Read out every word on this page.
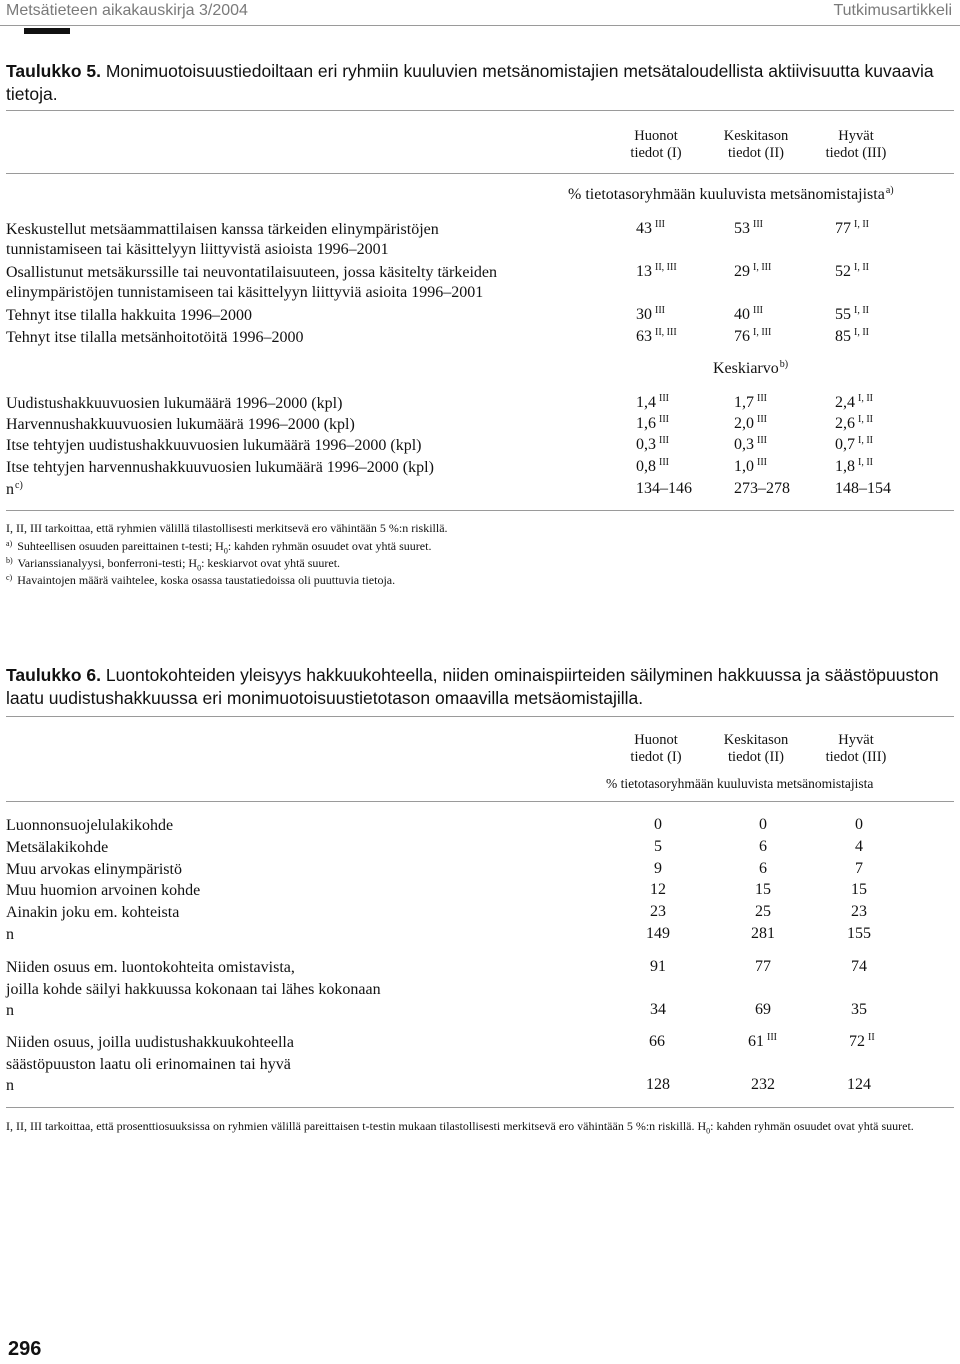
Metsätieteen aikakauskirja 3/2004	Tutkimusartikkeli
Taulukko 5. Monimuotoisuustiedoiltaan eri ryhmiin kuuluvien metsänomistajien metsätaloudellista aktiivisuutta kuvaavia tietoja.
Huonot
tiedot (I)
Keskitason
tiedot (II)
Hyvät
tiedot (III)
% tietotasoryhmään kuuluvista metsänomistajista$^{a)}$
Keskustellut metsäammattilaisen kanssa tärkeiden elinympäristöjen
tunnistamiseen tai käsittelyyn liittyvistä asioista 1996–2001
43 $^{III}$	53 $^{III}$	77 $^{I, II}$
Osallistunut metsäkurssille tai neuvontatilaisuuteen, jossa käsitelty tärkeiden
elinympäristöjen tunnistamiseen tai käsittelyyn liittyviä asioita 1996–2001
13 $^{II, III}$	29 $^{I, III}$	52 $^{I, II}$
Tehnyt itse tilalla hakkuita 1996–2000	30 $^{III}$	40 $^{III}$	55 $^{I, II}$
Tehnyt itse tilalla metsänhoitotöitä 1996–2000	63 $^{II, III}$	76 $^{I, III}$	85 $^{I, II}$
Keskiarvo$^{b)}$
Uudistushakkuuvuosien lukumäärä 1996–2000 (kpl)	1,4 $^{III}$	1,7 $^{III}$	2,4 $^{I, II}$
Harvennushakkuuvuosien lukumäärä 1996–2000 (kpl)	1,6 $^{III}$	2,0 $^{III}$	2,6 $^{I, II}$
Itse tehtyjen uudistushakkuuvuosien lukumäärä 1996–2000 (kpl)	0,3 $^{III}$	0,3 $^{III}$	0,7 $^{I, II}$
Itse tehtyjen harvennushakkuuvuosien lukumäärä 1996–2000 (kpl)	0,8 $^{III}$	1,0 $^{III}$	1,8 $^{I, II}$
$n^{c)}$	134–146	273–278	148–154
I, II, III tarkoittaa, että ryhmien välillä tilastollisesti merkitsevä ero vähintään 5 %:n riskillä.
$^{a)}$ Suhteellisen osuuden pareittainen t-testi; $H_0$: kahden ryhmän osuudet ovat yhtä suuret.
$^{b)}$ Varianssianalyysi, bonferroni-testi; $H_0$: keskiarvot ovat yhtä suuret.
$^{c)}$ Havaintojen määrä vaihtelee, koska osassa taustatiedoissa oli puuttuvia tietoja.
Taulukko 6. Luontokohteiden yleisyys hakkuukohteella, niiden ominaispiirteiden säilyminen hakkuussa ja säästöpuuston laatu uudistushakkuussa eri monimuotoisuustietotason omaavilla metsäomistajilla.
Huonot
tiedot (I)
Keskitason
tiedot (II)
Hyvät
tiedot (III)
% tietotasoryhmään kuuluvista metsänomistajista
Luonnonsuojelulakikohde	0	0	0
Metsälakikohde	5	6	4
Muu arvokas elinympäristö	9	6	7
Muu huomion arvoinen kohde	12	15	15
Ainakin joku em. kohteista	23	25	23
n	149	281	155
Niiden osuus em. luontokohteita omistavista,
joilla kohde säilyi hakkuussa kokonaan tai lähes kokonaan
91	77	74
n	34	69	35
Niiden osuus, joilla uudistushakkuukohteella
säästöpuuston laatu oli erinomainen tai hyvä
66	61 $^{III}$	72 $^{II}$
n	128	232	124
I, II, III tarkoittaa, että prosenttiosuuksissa on ryhmien välillä pareittaisen t-testin mukaan tilastollisesti merkitsevä ero vähintään 5 %:n riskillä. $H_0$: kahden ryhmän osuudet ovat yhtä suuret.
296
